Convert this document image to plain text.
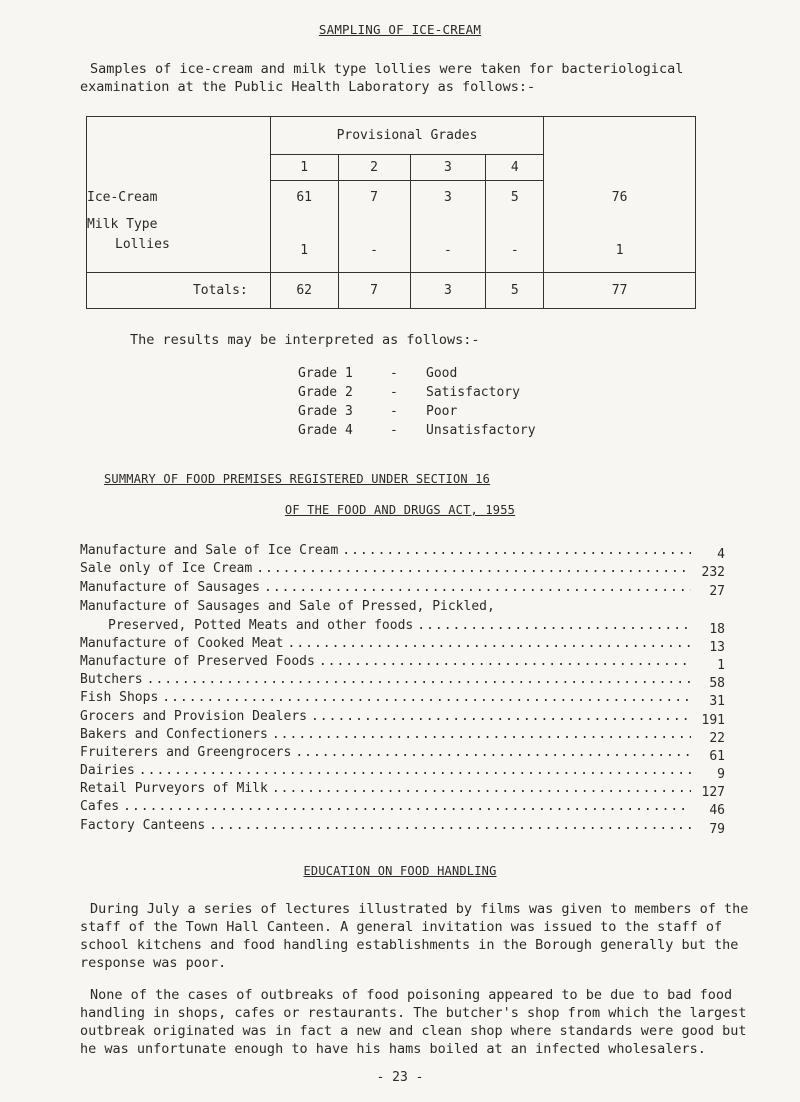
SAMPLING OF ICE-CREAM

Samples of ice-cream and milk type lollies were taken for bacteriological examination at the Public Health Laboratory as follows:-

	Provisional Grades				
	1	2	3	4	
Ice-Cream	61	7	3	5	76

Milk Type
Lollies	1	-	-	-	1
Totals:	62	7	3	5	77

The results may be interpreted as follows:-

Grade 1	-	Good
Grade 2	-	Satisfactory
Grade 3	-	Poor
Grade 4	-	Unsatisfactory
SUMMARY OF FOOD PREMISES REGISTERED UNDER SECTION 16
OF THE FOOD AND DRUGS ACT, 1955
Manufacture and Sale of Ice Cream .....	4
Sale only of Ice Cream .....	232
Manufacture of Sausages .....	27
Manufacture of Sausages and Sale of Pressed, Pickled,
Preserved, Potted Meats and other foods .....	18
Manufacture of Cooked Meat .....	13
Manufacture of Preserved Foods .....	1
Butchers .....	58
Fish Shops .....	31
Grocers and Provision Dealers .....	191
Bakers and Confectioners .....	22
Fruiterers and Greengrocers .....	61
Dairies .....	9
Retail Purveyors of Milk .....	127
Cafes .....	46
Factory Canteens .....	79
EDUCATION ON FOOD HANDLING

During July a series of lectures illustrated by films was given to members of the staff of the Town Hall Canteen. A general invitation was issued to the staff of school kitchens and food handling establishments in the Borough generally but the response was poor.

None of the cases of outbreaks of food poisoning appeared to be due to bad food handling in shops, cafes or restaurants. The butcher's shop from which the largest outbreak originated was in fact a new and clean shop where standards were good but he was unfortunate enough to have his hams boiled at an infected wholesalers.

- 23 -
